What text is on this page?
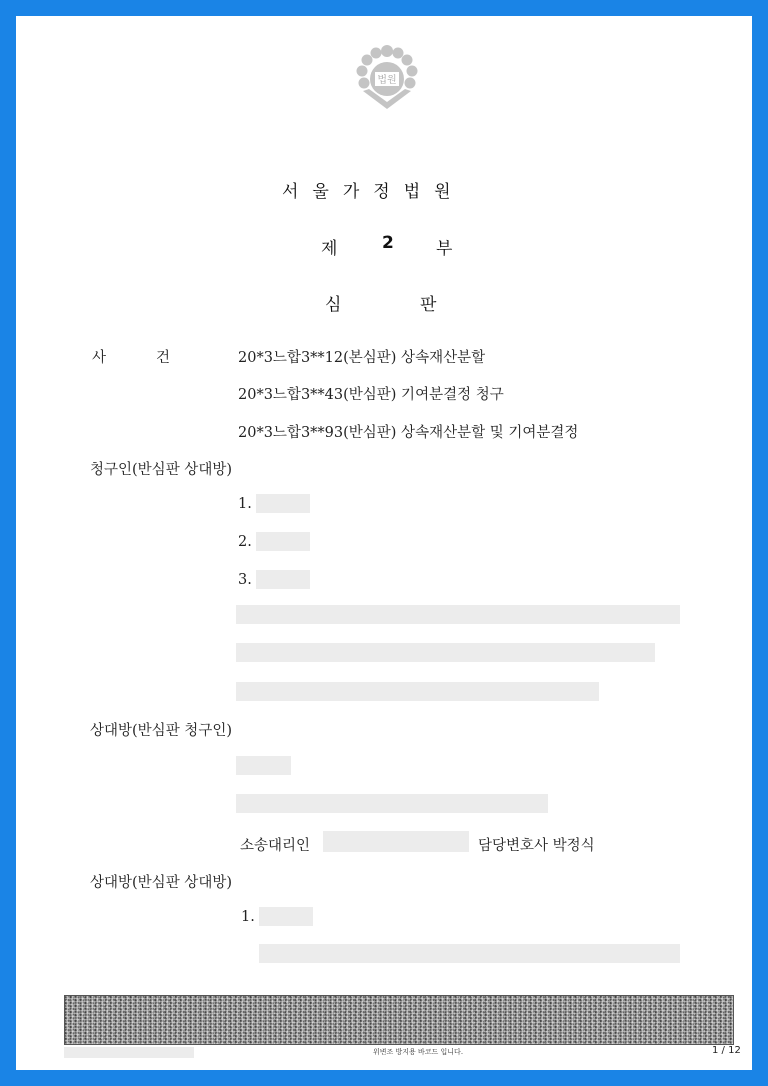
법원
서울가정법원
제	2 부
심	판
사	건	20*3느합3**12(본심판) 상속재산분할
20*3느합3**43(반심판) 기여분결정 청구
20*3느합3**93(반심판) 상속재산분할 및 기여분결정
청구인(반심판 상대방)
1.
2.
3.
상대방(반심판 청구인)
소송대리인	담당변호사 박정식
상대방(반심판 상대방)
1.
위변조 방지용 바코드 입니다.	1 / 12
